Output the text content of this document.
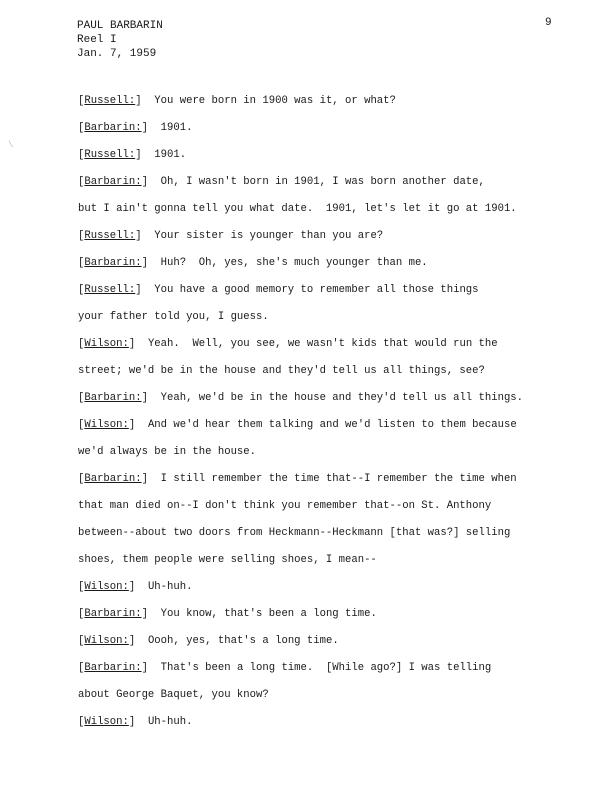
PAUL BARBARIN
Reel I
Jan. 7, 1959
9
\
[Russell:]  You were born in 1900 was it, or what?
[Barbarin:]  1901.
[Russell:]  1901.
[Barbarin:]  Oh, I wasn't born in 1901, I was born another date,
but I ain't gonna tell you what date.  1901, let's let it go at 1901.
[Russell:]  Your sister is younger than you are?
[Barbarin:]  Huh?  Oh, yes, she's much younger than me.
[Russell:]  You have a good memory to remember all those things
your father told you, I guess.
[Wilson:]  Yeah.  Well, you see, we wasn't kids that would run the
street; we'd be in the house and they'd tell us all things, see?
[Barbarin:]  Yeah, we'd be in the house and they'd tell us all things.
[Wilson:]  And we'd hear them talking and we'd listen to them because
we'd always be in the house.
[Barbarin:]  I still remember the time that--I remember the time when
that man died on--I don't think you remember that--on St. Anthony
between--about two doors from Heckmann--Heckmann [that was?] selling
shoes, them people were selling shoes, I mean--
[Wilson:]  Uh-huh.
[Barbarin:]  You know, that's been a long time.
[Wilson:]  Oooh, yes, that's a long time.
[Barbarin:]  That's been a long time.  [While ago?] I was telling
about George Baquet, you know?
[Wilson:]  Uh-huh.
